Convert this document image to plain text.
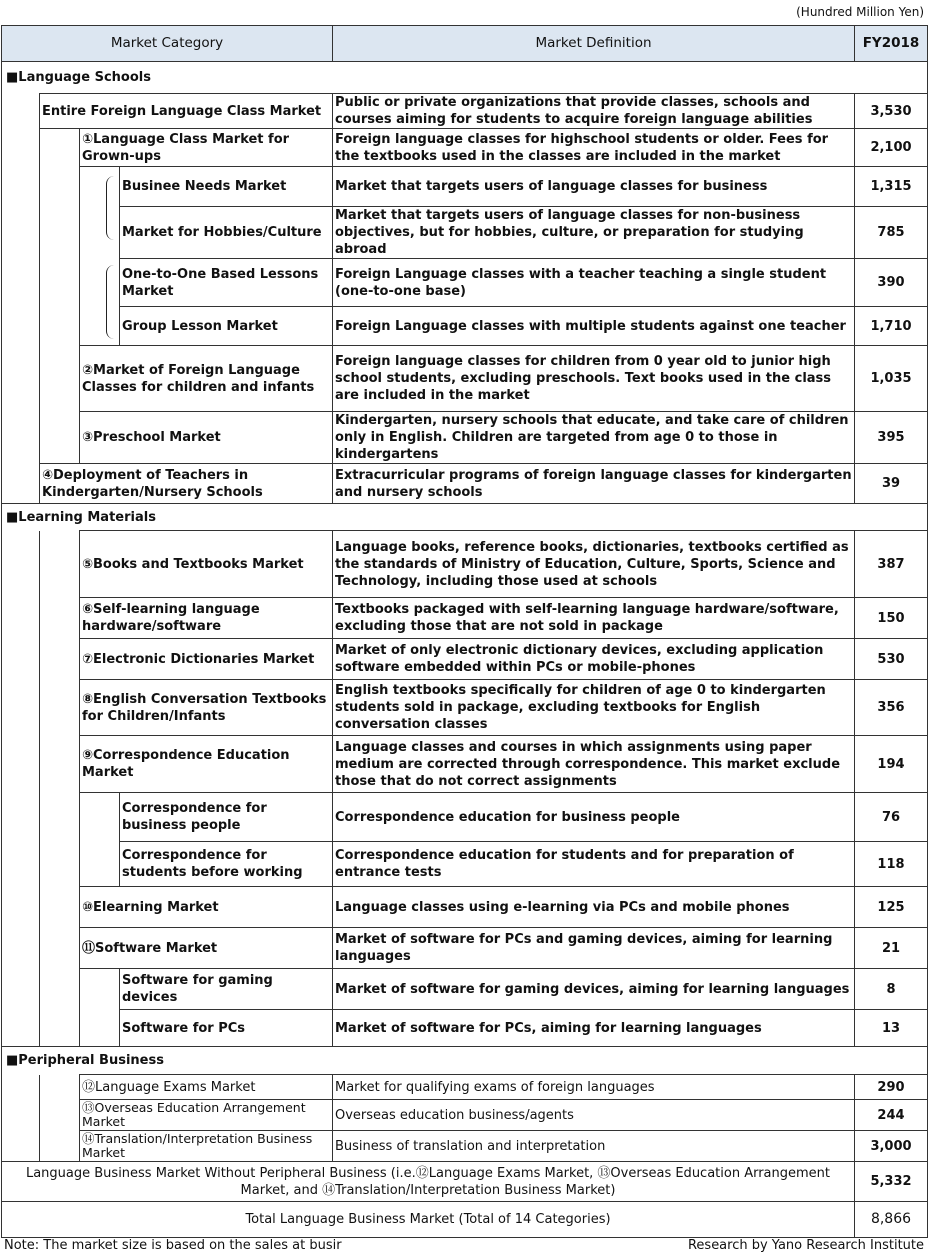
(Hundred Million Yen)
Market Category				Market Definition	FY2018
■Language Schools					
	Entire Foreign Language Class Market			Public or private organizations that provide classes, schools and courses aiming for students to acquire foreign language abilities	3,530
		①Language Class Market for Grown-ups		Foreign language classes for highschool students or older. Fees for the textbooks used in the classes are included in the market	2,100
			Businee Needs Market	Market that targets users of language classes for business	1,315
			Market for Hobbies/Culture	Market that targets users of language classes for non-business objectives, but for hobbies, culture, or preparation for studying abroad	785
			One-to-One Based Lessons Market	Foreign Language classes with a teacher teaching a single student (one-to-one base)	390
			Group Lesson Market	Foreign Language classes with multiple students against one teacher	1,710
		②Market of Foreign Language Classes for children and infants		Foreign language classes for children from 0 year old to junior high school students, excluding preschools. Text books used in the class are included in the market	1,035
		③Preschool Market		Kindergarten, nursery schools that educate, and take care of children only in English. Children are targeted from age 0 to those in kindergartens	395
	④Deployment of Teachers in Kindergarten/Nursery Schools			Extracurricular programs of foreign language classes for kindergarten and nursery schools	39
■Learning Materials					
		⑤Books and Textbooks Market		Language books, reference books, dictionaries, textbooks certified as the standards of Ministry of Education, Culture, Sports, Science and Technology, including those used at schools	387
		⑥Self-learning language hardware/software		Textbooks packaged with self-learning language hardware/software, excluding those that are not sold in package	150
		⑦Electronic Dictionaries Market		Market of only electronic dictionary devices, excluding application software embedded within PCs or mobile-phones	530
		⑧English Conversation Textbooks for Children/Infants		English textbooks specifically for children of age 0 to kindergarten students sold in package, excluding textbooks for English conversation classes	356
		⑨Correspondence Education Market		Language classes and courses in which assignments using paper medium are corrected through correspondence. This market exclude those that do not correct assignments	194
			Correspondence for business people	Correspondence education for business people	76
			Correspondence for students before working	Correspondence education for students and for preparation of entrance tests	118
		⑩Elearning Market		Language classes using e-learning via PCs and mobile phones	125
		⑪Software Market		Market of software for PCs and gaming devices, aiming for learning languages	21
			Software for gaming devices	Market of software for gaming devices, aiming for learning languages	8
			Software for PCs	Market of software for PCs, aiming for learning languages	13
■Peripheral Business					
		⑫Language Exams Market		Market for qualifying exams of foreign languages	290
		⑬Overseas Education Arrangement Market		Overseas education business/agents	244
		⑭Translation/Interpretation Business Market		Business of translation and interpretation	3,000
Language Business Market Without Peripheral Business (i.e.⑫Language Exams Market, ⑬Overseas Education Arrangement Market, and ⑭Translation/Interpretation Business Market)					5,332
Total Language Business Market (Total of 14 Categories)					8,866
Note: The market size is based on the sales at busir	Research by Yano Research Institute
